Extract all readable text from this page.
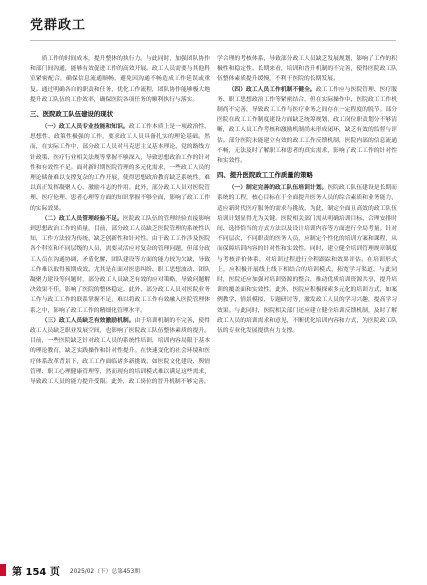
党群政工

质工作的时间成本，提升整体的执行力。与此同时，加强团队协作和部门间沟通，能够有效促进工作的高效开展。政工人员需要与其他科室紧密配合，确保信息流通顺畅，避免因沟通不畅造成工作延误或重复。通过明确各自的职责和任务，优化工作流程，团队协作能够极大地提升政工队伍的工作效率，确保医院各项任务的顺利执行与落实。

三、医院政工队伍建设的现状

（一）政工人员专业技能和知识。政工工作本质上是一项政治性、思想性、政策性极强的工作，要求政工人员具备扎实的理论基础。然而，在实际工作中，部分政工人员对马克思主义基本理论、党的路线方针政策、医疗行业相关法规等掌握不够深入，导致思想政治工作的针对性和有效性不足。面对新时期医院管理的多元化需求，一些政工人员的理论储备难以支撑复杂的工作开展，使得思想政治教育缺乏系统性。难以真正发挥凝聚人心、激励斗志的作用。此外，部分政工人员对医院管理、医疗伦理、患者心理等方面的知识掌握不够全面，影响了政工工作的实际效果。

（二）政工人员管理经验不足。医院政工队伍的管理经验直接影响到思想政治工作的质量。目前，部分政工人员缺乏医院管理的系统性认知，工作方法较为传统，缺乏创新性和针对性。由于政工工作涉及医院各个科室和不同层级的人员，需要灵活应对复杂的管理问题，但部分政工人员在沟通协调、矛盾化解、团队建设等方面的能力较为欠缺，导致工作难以取得预期成效。尤其是在面对医患纠纷、职工思想波动、团队凝聚力建设等问题时，部分政工人员缺乏有效的应对策略，导致问题解决效果不佳，影响了医院的整体稳定。此外，部分政工人员对医院业务工作与政工工作的联系掌握不足，难以将政工工作有效融入医院管理体系之中，影响了政工工作的精细化管理水平。

（三）政工人员缺乏有效激励机制。由于培训机制的不完善，使得政工人员缺乏职业发展空间，也影响了医院政工队伍整体素质的提升。目前，一些医院缺乏针对政工人员的系统性培训，培训内容局限于基本的理论教育，缺乏实践操作和针对性提升。在快速变化的社会环境和医疗体系改革背景下，政工工作面临诸多新挑战，如医院文化建设、舆情管理、职工心理健康管理等，然而现有的培训模式难以满足这些需求，导致政工人员的能力提升受限。此外，政工岗位的晋升机制不够完善。

学合理的考核体系，导致部分政工人员缺乏发展规划，影响了工作的积极性和稳定性。长期来看，培训和晋升机制的不完善，使得医院政工队伍整体素质提升缓慢，不利于医院的长期发展。

（四）政工人员工作机制不健全。政工工作应与医院管理、医疗服务、职工思想政治工作等紧密结合，但在实际操作中，医院政工工作机制尚不完善，导致政工工作与医疗业务之间存在一定程度的脱节。部分医院在政工工作制度建设方面缺乏统筹规划，政工岗位职责划分不够清晰，政工人员工作考核和激励机制尚未形成闭环，缺乏有效的监督与评估。部分医院未能建立有效的政工工作反馈机制，医院内部的信息流通不畅，无法及时了解职工和患者的真实需求，影响了政工工作的针对性和实效性。

四、提升医院政工工作质量的策略

（一）制定完善的政工队伍培训计划。医院政工队伍建设是长期而系统的工程，核心目标在于全面提升医务人员的综合素质和业务能力，适应新时代医疗服务的需求与挑战。为此，制定全面且高效的政工队伍培训计划显得尤为关键。医院相关部门需从明确培训目标、合理安排时间、选择恰当的方式方法以及设计培训内容等方面进行全局考量。针对不同层次、不同职责的医务人员，应制定个性化的培训方案和课程，从而保障培训内容的针对性和实效性。同时，建立健全培训管理规章制度与考核评价体系，对培训过程进行全程跟踪和效果评估。在培训形式上，应积极开展线上线下相结合的培训模式，拓宽学习渠道。与此同时，医院还应加强对培训资源的整合，推动优质培训资源共享，提升培训的覆盖面和实效性。此外，医院应积极探索多元化的培训方式，如案例教学、情景模拟、专题研讨等，激发政工人员的学习兴趣，提高学习效果。与此同时，医院相关部门还应建立健全培训反馈机制，及时了解政工人员的培训需求和意见，不断优化培训内容和方式，为医院政工队伍的专业化发展提供有力支撑。

第 154 页 2025/02（下）总第453期
